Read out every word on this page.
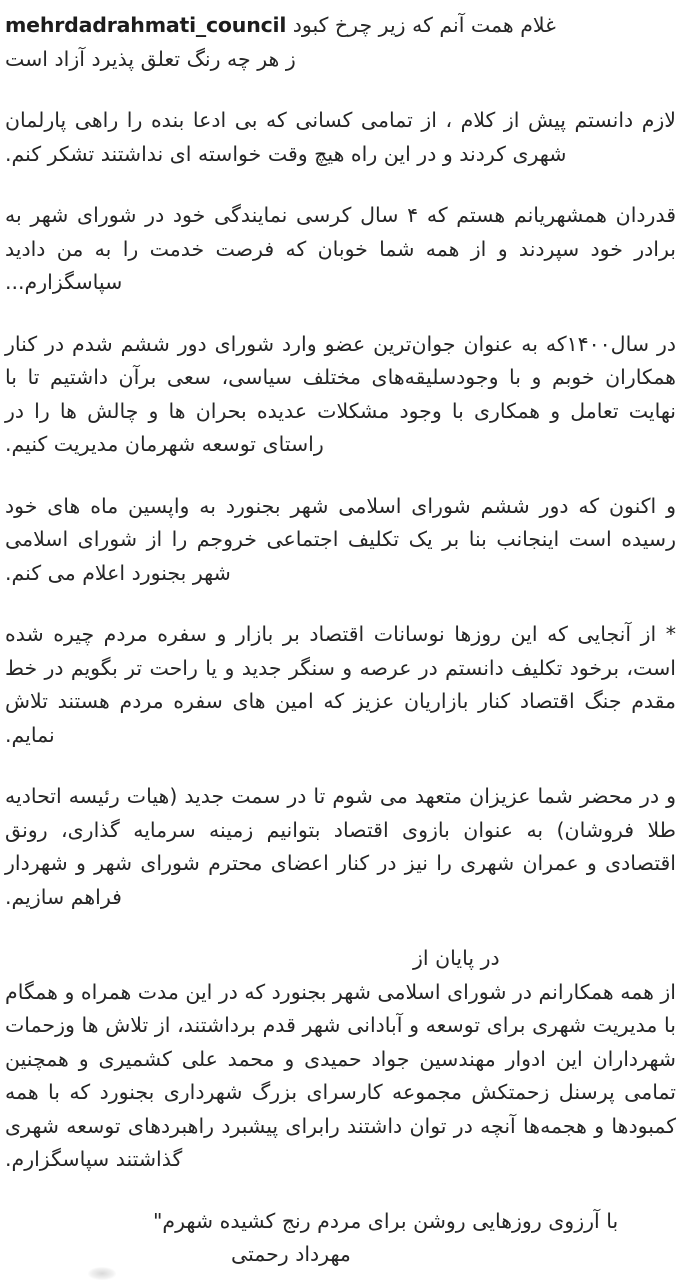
mehrdadrahmati_council غلام همت آنم که زیر چرخ کبود
ز هر چه رنگ تعلق پذیرد آزاد است

لازم دانستم پیش از کلام ، از تمامی کسانی که بی ادعا بنده را راهی پارلمان شهری کردند و در این راه هیچ وقت خواسته ای نداشتند تشکر کنم.

قدردان همشهریانم هستم که ۴ سال کرسی نمایندگی خود در شورای شهر به برادر خود سپردند و از همه شما خوبان که فرصت خدمت را به من دادید سپاسگزارم...

در سال۱۴۰۰که به عنوان جوان‌ترین عضو وارد شورای دور ششم شدم در کنار همکاران خوبم و با وجودسلیقه‌های مختلف سیاسی، سعی برآن داشتیم تا با نهایت تعامل و همکاری با وجود مشکلات عدیده بحران ها و چالش ها را در راستای توسعه شهرمان مدیریت کنیم.

و اکنون که دور ششم شورای اسلامی شهر بجنورد به واپسین ماه های خود رسیده است اینجانب بنا بر یک تکلیف اجتماعی خروجم را از شورای اسلامی شهر بجنورد اعلام می کنم.

* از آنجایی که این روزها نوسانات اقتصاد بر بازار و سفره مردم چیره شده است، برخود تکلیف دانستم در عرصه و سنگر جدید و یا راحت تر بگویم در خط مقدم جنگ اقتصاد کنار بازاریان عزیز که امین های سفره مردم هستند تلاش نمایم.

و در محضر شما عزیزان متعهد می شوم تا در سمت جدید (هیات رئیسه اتحادیه طلا فروشان) به عنوان بازوی اقتصاد بتوانیم زمینه سرمایه گذاری، رونق اقتصادی و عمران شهری را نیز در کنار اعضای محترم شورای شهر و شهردار فراهم سازیم.

در پایان از
از همه همکارانم در شورای اسلامی شهر بجنورد که در این مدت همراه و همگام با مدیریت شهری برای توسعه و آبادانی شهر قدم برداشتند، از تلاش ها وزحمات شهرداران این ادوار مهندسین جواد حمیدی و محمد علی کشمیری و همچنین تمامی پرسنل زحمتکش مجموعه کارسرای بزرگ شهرداری بجنورد که با همه کمبودها و هجمه‌ها آنچه در توان داشتند رابرای پیشبرد راهبردهای توسعه شهری گذاشتند سپاسگزارم.

با آرزوی روزهایی روشن برای مردم رنج کشیده شهرم"
مهرداد رحمتی
